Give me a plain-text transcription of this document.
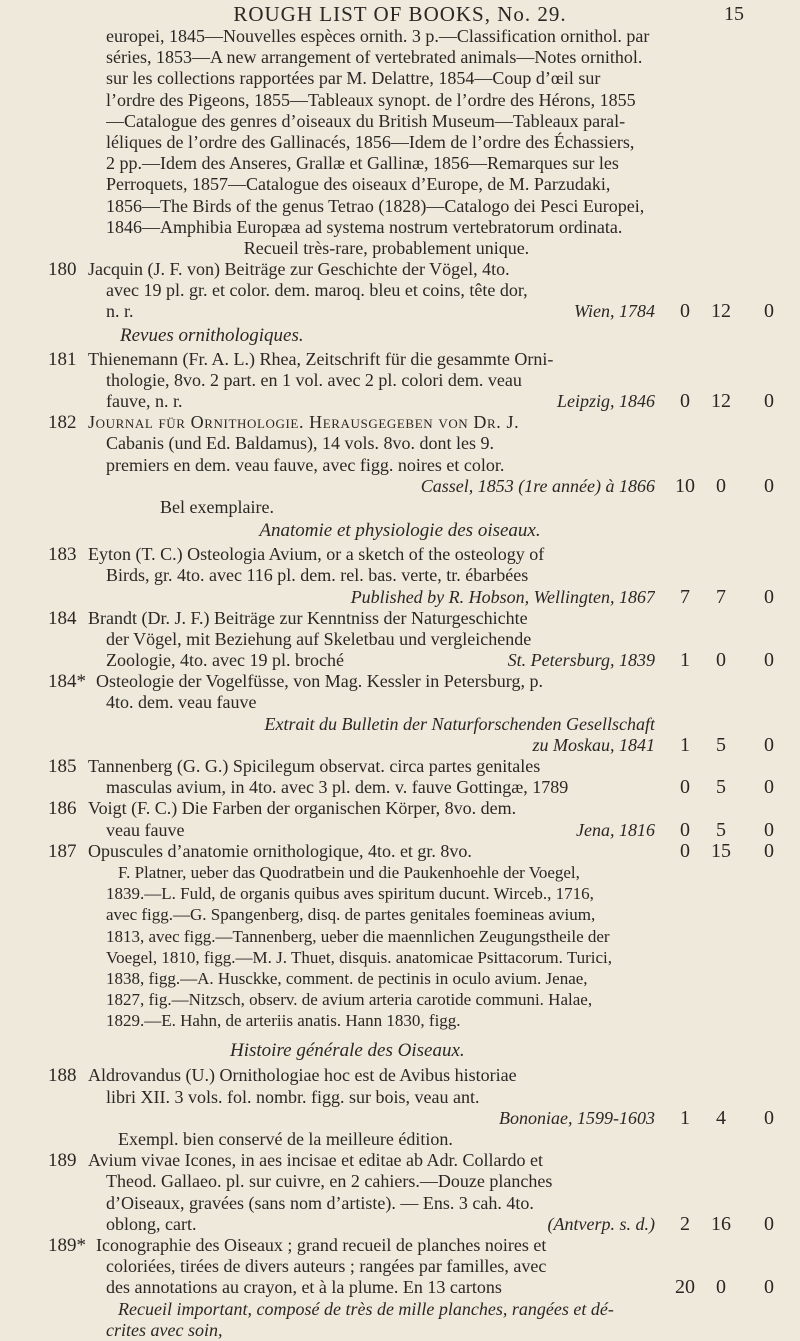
ROUGH LIST OF BOOKS, No. 29.	15
europei, 1845—Nouvelles espèces ornith. 3 p.—Classification ornithol. par
séries, 1853—A new arrangement of vertebrated animals—Notes ornithol.
sur les collections rapportées par M. Delattre, 1854—Coup d’œil sur
l’ordre des Pigeons, 1855—Tableaux synopt. de l’ordre des Hérons, 1855
—Catalogue des genres d’oiseaux du British Museum—Tableaux paral-
léliques de l’ordre des Gallinacés, 1856—Idem de l’ordre des Échassiers,
2 pp.—Idem des Anseres, Grallæ et Gallinæ, 1856—Remarques sur les
Perroquets, 1857—Catalogue des oiseaux d’Europe, de M. Parzudaki,
1856—The Birds of the genus Tetrao (1828)—Catalogo dei Pesci Europei,
1846—Amphibia Europæa ad systema nostrum vertebratorum ordinata.
Recueil très-rare, probablement unique.
180 Jacquin (J. F. von) Beiträge zur Geschichte der Vögel, 4to.
avec 19 pl. gr. et color. dem. maroq. bleu et coins, tête dor,
n. r.	Wien, 1784	0	12	0
Revues ornithologiques.
181 Thienemann (Fr. A. L.) Rhea, Zeitschrift für die gesammte Orni-
thologie, 8vo. 2 part. en 1 vol. avec 2 pl. colori dem. veau
fauve, n. r.	Leipzig, 1846	0	12	0
182 Journal für Ornithologie. Herausgegeben von Dr. J.
Cabanis (und Ed. Baldamus), 14 vols. 8vo. dont les 9.
premiers en dem. veau fauve, avec figg. noires et color.
Cassel, 1853 (1re année) à 1866 10	0	0
Bel exemplaire.
Anatomie et physiologie des oiseaux.
183 Eyton (T. C.) Osteologia Avium, or a sketch of the osteology of
Birds, gr. 4to. avec 116 pl. dem. rel. bas. verte, tr. ébarbées
Published by R. Hobson, Wellingten, 1867	7	7	0
184 Brandt (Dr. J. F.) Beiträge zur Kenntniss der Naturgeschichte
der Vögel, mit Beziehung auf Skeletbau und vergleichende
Zoologie, 4to. avec 19 pl. broché	St. Petersburg, 1839	1	0	0
184* Osteologie der Vogelfüsse, von Mag. Kessler in Petersburg, p.
4to. dem. veau fauve
Extrait du Bulletin der Naturforschenden Gesellschaft
zu Moskau, 1841	1	5	0
185 Tannenberg (G. G.) Spicilegum observat. circa partes genitales
masculas avium, in 4to. avec 3 pl. dem. v. fauve Gottingæ, 1789	0	5	0
186 Voigt (F. C.) Die Farben der organischen Körper, 8vo. dem.
veau fauve	Jena, 1816	0	5	0
187 Opuscules d’anatomie ornithologique, 4to. et gr. 8vo.	0	15	0
F. Platner, ueber das Quodratbein und die Paukenhoehle der Voegel,
1839.—L. Fuld, de organis quibus aves spiritum ducunt. Wirceb., 1716,
avec figg.—G. Spangenberg, disq. de partes genitales foemineas avium,
1813, avec figg.—Tannenberg, ueber die maennlichen Zeugungstheile der
Voegel, 1810, figg.—M. J. Thuet, disquis. anatomicae Psittacorum. Turici,
1838, figg.—A. Husckke, comment. de pectinis in oculo avium. Jenae,
1827, fig.—Nitzsch, observ. de avium arteria carotide communi. Halae,
1829.—E. Hahn, de arteriis anatis. Hann 1830, figg.
Histoire générale des Oiseaux.
188 Aldrovandus (U.) Ornithologiae hoc est de Avibus historiae
libri XII. 3 vols. fol. nombr. figg. sur bois, veau ant.
Bononiae, 1599-1603	1	4	0
Exempl. bien conservé de la meilleure édition.
189 Avium vivae Icones, in aes incisae et editae ab Adr. Collardo et
Theod. Gallaeo. pl. sur cuivre, en 2 cahiers.—Douze planches
d’Oiseaux, gravées (sans nom d’artiste). — Ens. 3 cah. 4to.
oblong, cart.	(Antverp. s. d.)	2	16	0
189* Iconographie des Oiseaux ; grand recueil de planches noires et
coloriées, tirées de divers auteurs ; rangées par familles, avec
des annotations au crayon, et à la plume. En 13 cartons	20	0	0
Recueil important, composé de très de mille planches, rangées et dé-
crites avec soin,
